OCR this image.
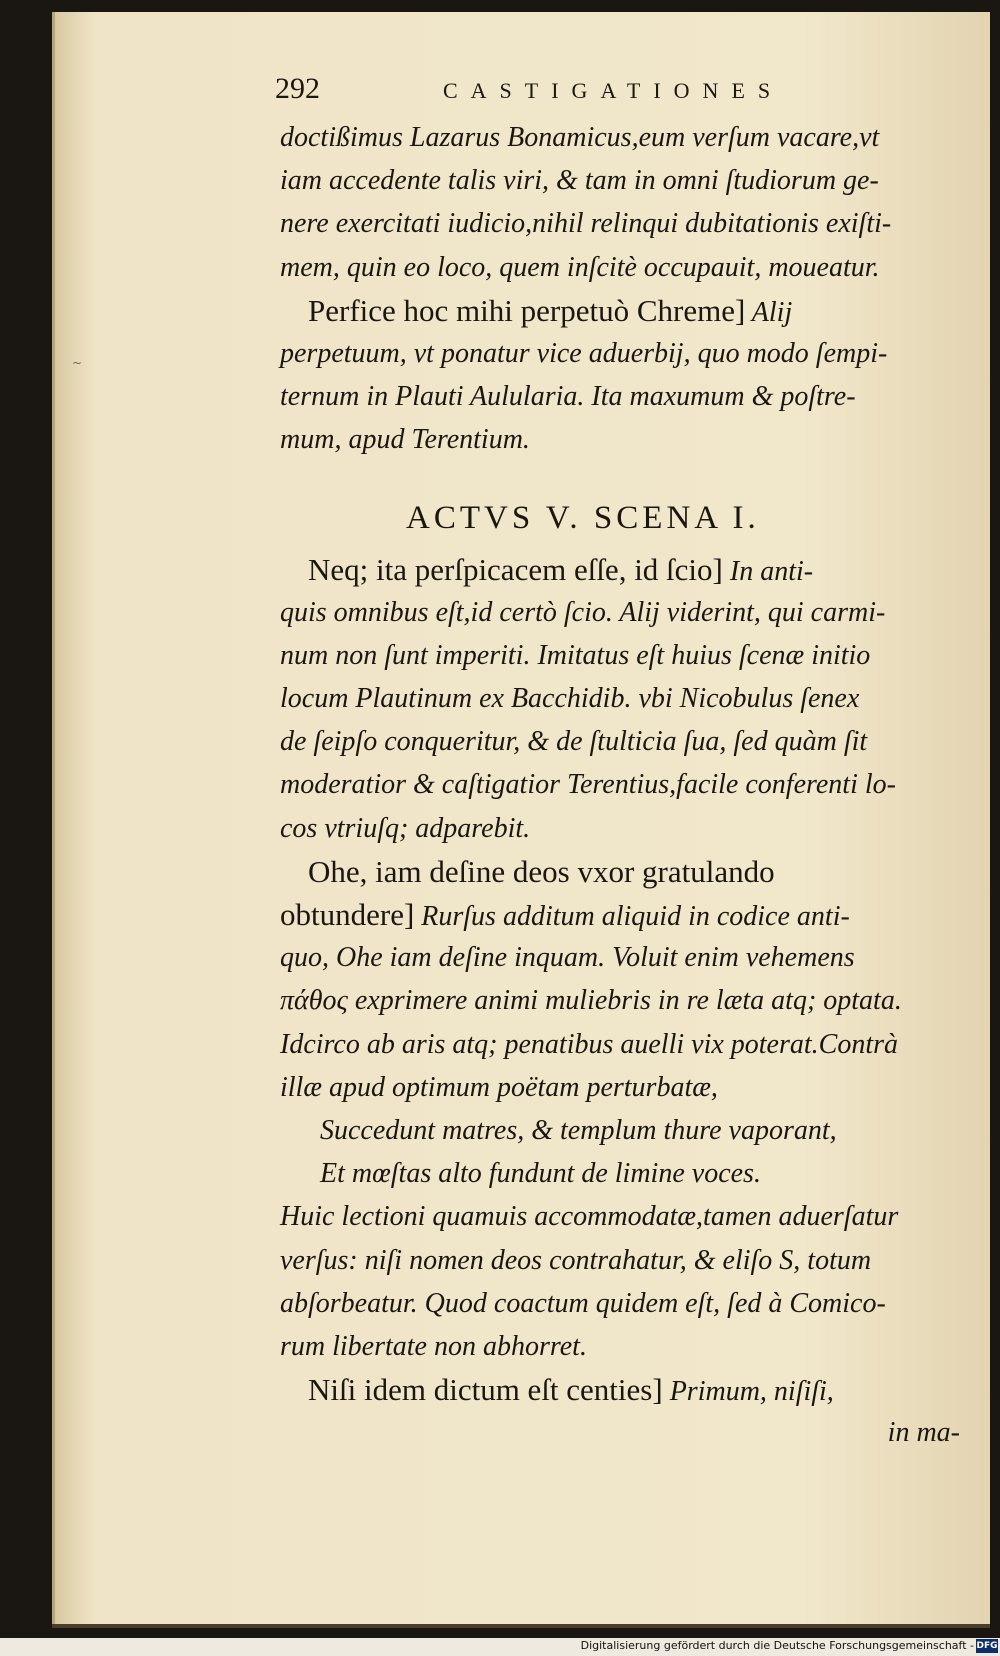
~
292	CASTIGATIONES
doctißimus Lazarus Bonamicus,eum verſum vacare,vt
iam accedente talis viri, & tam in omni ſtudiorum ge-
nere exercitati iudicio,nihil relinqui dubitationis exiſti-
mem, quin eo loco, quem inſcitè occupauit, moueatur.
Perfice hoc mihi perpetuò Chreme] Alij
perpetuum, vt ponatur vice aduerbij, quo modo ſempi-
ternum in Plauti Aulularia. Ita maxumum & poſtre-
mum, apud Terentium.
ACTVS V. SCENA I.
Neq; ita perſpicacem eſſe, id ſcio] In anti-
quis omnibus eſt,id certò ſcio. Alij viderint, qui carmi-
num non ſunt imperiti. Imitatus eſt huius ſcenæ initio
locum Plautinum ex Bacchidib. vbi Nicobulus ſenex
de ſeipſo conqueritur, & de ſtulticia ſua, ſed quàm ſit
moderatior & caſtigatior Terentius,facile conferenti lo-
cos vtriuſq; adparebit.
Ohe, iam deſine deos vxor gratulando
obtundere] Rurſus additum aliquid in codice anti-
quo, Ohe iam deſine inquam. Voluit enim vehemens
πάθος exprimere animi muliebris in re læta atq; optata.
Idcirco ab aris atq; penatibus auelli vix poterat.Contrà
illæ apud optimum poëtam perturbatæ,
Succedunt matres, & templum thure vaporant,
Et mœſtas alto fundunt de limine voces.
Huic lectioni quamuis accommodatæ,tamen aduerſatur
verſus: niſi nomen deos contrahatur, & eliſo S, totum
abſorbeatur. Quod coactum quidem eſt, ſed à Comico-
rum libertate non abhorret.
Niſi idem dictum eſt centies] Primum, niſiſi,
in ma-
Digitalisierung gefördert durch die Deutsche Forschungsgemeinschaft - DFG
